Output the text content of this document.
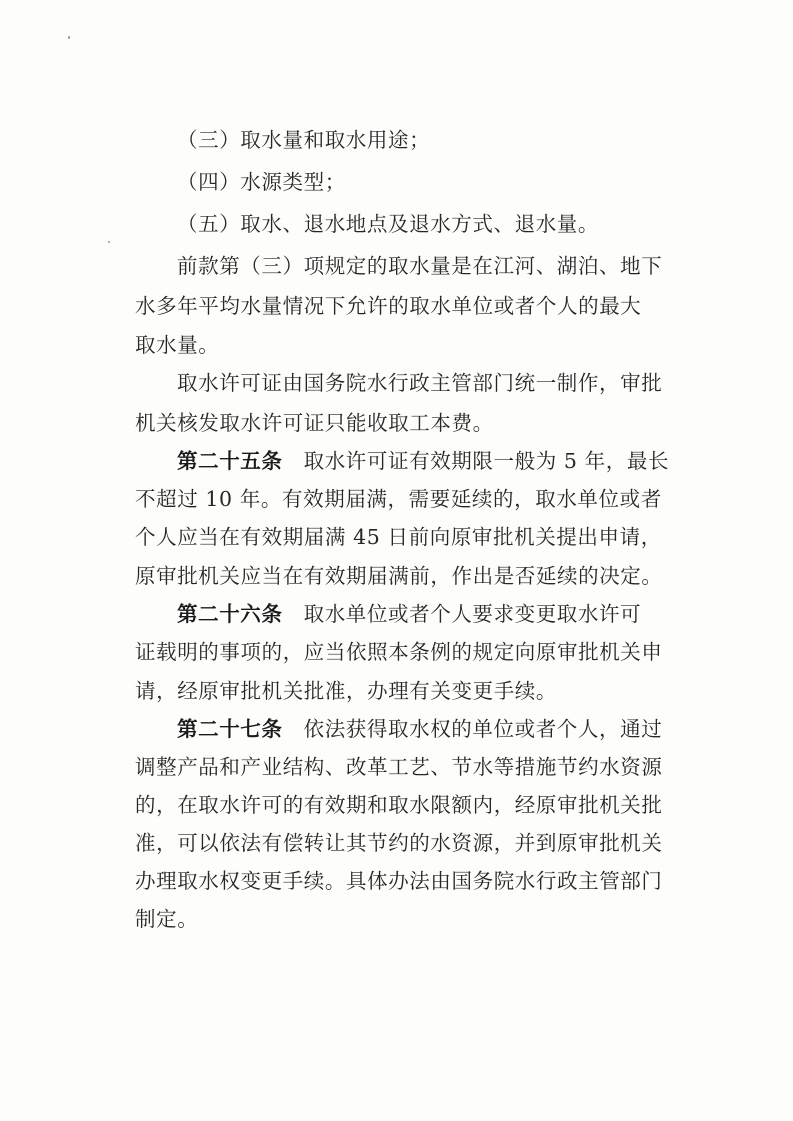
（三）取水量和取水用途；
（四）水源类型；
（五）取水、退水地点及退水方式、退水量。
前款第（三）项规定的取水量是在江河、湖泊、地下
水多年平均水量情况下允许的取水单位或者个人的最大
取水量。
取水许可证由国务院水行政主管部门统一制作，审批
机关核发取水许可证只能收取工本费。
第二十五条　取水许可证有效期限一般为 5 年，最长
不超过 10 年。有效期届满，需要延续的，取水单位或者
个人应当在有效期届满 45 日前向原审批机关提出申请，
原审批机关应当在有效期届满前，作出是否延续的决定。
第二十六条　取水单位或者个人要求变更取水许可
证载明的事项的，应当依照本条例的规定向原审批机关申
请，经原审批机关批准，办理有关变更手续。
第二十七条　依法获得取水权的单位或者个人，通过
调整产品和产业结构、改革工艺、节水等措施节约水资源
的，在取水许可的有效期和取水限额内，经原审批机关批
准，可以依法有偿转让其节约的水资源，并到原审批机关
办理取水权变更手续。具体办法由国务院水行政主管部门
制定。
